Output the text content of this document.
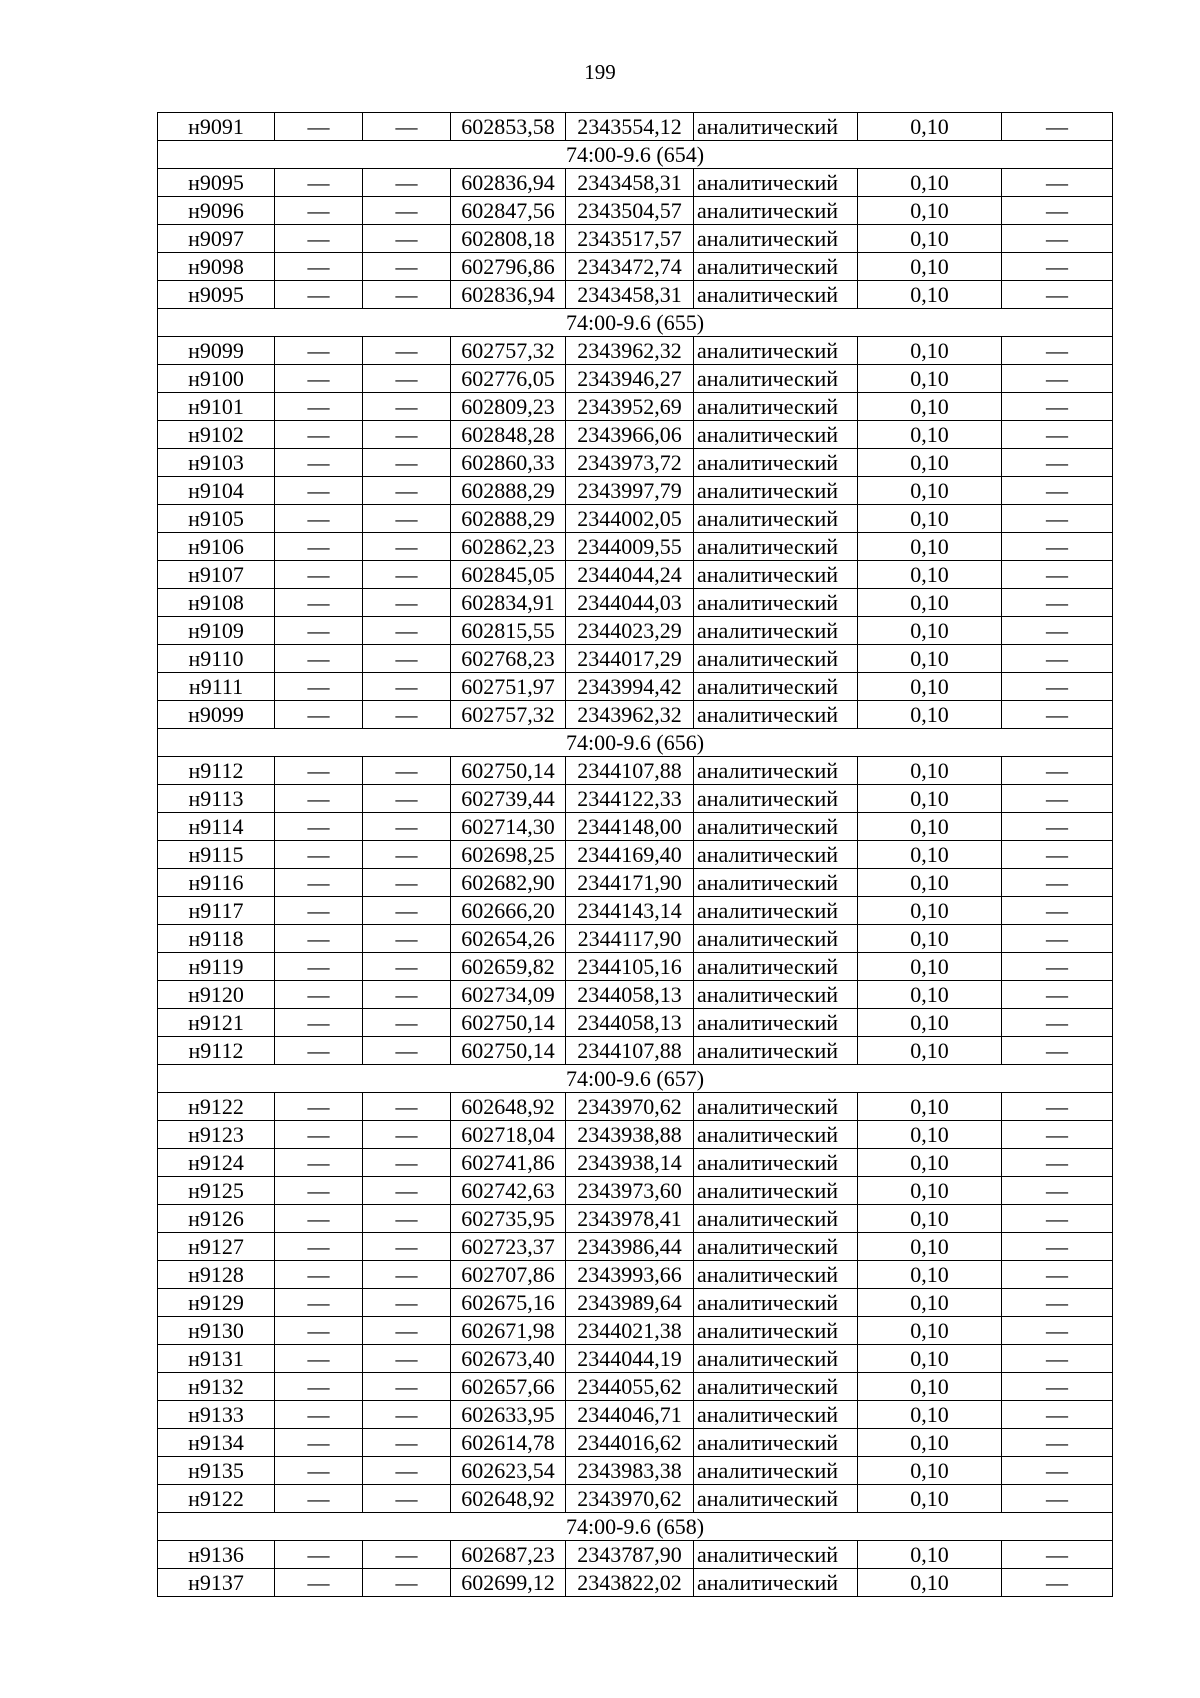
199
н9091	—	—	602853,58	2343554,12	аналитический	0,10	—
74:00-9.6 (654)							
н9095	—	—	602836,94	2343458,31	аналитический	0,10	—
н9096	—	—	602847,56	2343504,57	аналитический	0,10	—
н9097	—	—	602808,18	2343517,57	аналитический	0,10	—
н9098	—	—	602796,86	2343472,74	аналитический	0,10	—
н9095	—	—	602836,94	2343458,31	аналитический	0,10	—
74:00-9.6 (655)							
н9099	—	—	602757,32	2343962,32	аналитический	0,10	—
н9100	—	—	602776,05	2343946,27	аналитический	0,10	—
н9101	—	—	602809,23	2343952,69	аналитический	0,10	—
н9102	—	—	602848,28	2343966,06	аналитический	0,10	—
н9103	—	—	602860,33	2343973,72	аналитический	0,10	—
н9104	—	—	602888,29	2343997,79	аналитический	0,10	—
н9105	—	—	602888,29	2344002,05	аналитический	0,10	—
н9106	—	—	602862,23	2344009,55	аналитический	0,10	—
н9107	—	—	602845,05	2344044,24	аналитический	0,10	—
н9108	—	—	602834,91	2344044,03	аналитический	0,10	—
н9109	—	—	602815,55	2344023,29	аналитический	0,10	—
н9110	—	—	602768,23	2344017,29	аналитический	0,10	—
н9111	—	—	602751,97	2343994,42	аналитический	0,10	—
н9099	—	—	602757,32	2343962,32	аналитический	0,10	—
74:00-9.6 (656)							
н9112	—	—	602750,14	2344107,88	аналитический	0,10	—
н9113	—	—	602739,44	2344122,33	аналитический	0,10	—
н9114	—	—	602714,30	2344148,00	аналитический	0,10	—
н9115	—	—	602698,25	2344169,40	аналитический	0,10	—
н9116	—	—	602682,90	2344171,90	аналитический	0,10	—
н9117	—	—	602666,20	2344143,14	аналитический	0,10	—
н9118	—	—	602654,26	2344117,90	аналитический	0,10	—
н9119	—	—	602659,82	2344105,16	аналитический	0,10	—
н9120	—	—	602734,09	2344058,13	аналитический	0,10	—
н9121	—	—	602750,14	2344058,13	аналитический	0,10	—
н9112	—	—	602750,14	2344107,88	аналитический	0,10	—
74:00-9.6 (657)							
н9122	—	—	602648,92	2343970,62	аналитический	0,10	—
н9123	—	—	602718,04	2343938,88	аналитический	0,10	—
н9124	—	—	602741,86	2343938,14	аналитический	0,10	—
н9125	—	—	602742,63	2343973,60	аналитический	0,10	—
н9126	—	—	602735,95	2343978,41	аналитический	0,10	—
н9127	—	—	602723,37	2343986,44	аналитический	0,10	—
н9128	—	—	602707,86	2343993,66	аналитический	0,10	—
н9129	—	—	602675,16	2343989,64	аналитический	0,10	—
н9130	—	—	602671,98	2344021,38	аналитический	0,10	—
н9131	—	—	602673,40	2344044,19	аналитический	0,10	—
н9132	—	—	602657,66	2344055,62	аналитический	0,10	—
н9133	—	—	602633,95	2344046,71	аналитический	0,10	—
н9134	—	—	602614,78	2344016,62	аналитический	0,10	—
н9135	—	—	602623,54	2343983,38	аналитический	0,10	—
н9122	—	—	602648,92	2343970,62	аналитический	0,10	—
74:00-9.6 (658)							
н9136	—	—	602687,23	2343787,90	аналитический	0,10	—
н9137	—	—	602699,12	2343822,02	аналитический	0,10	—
